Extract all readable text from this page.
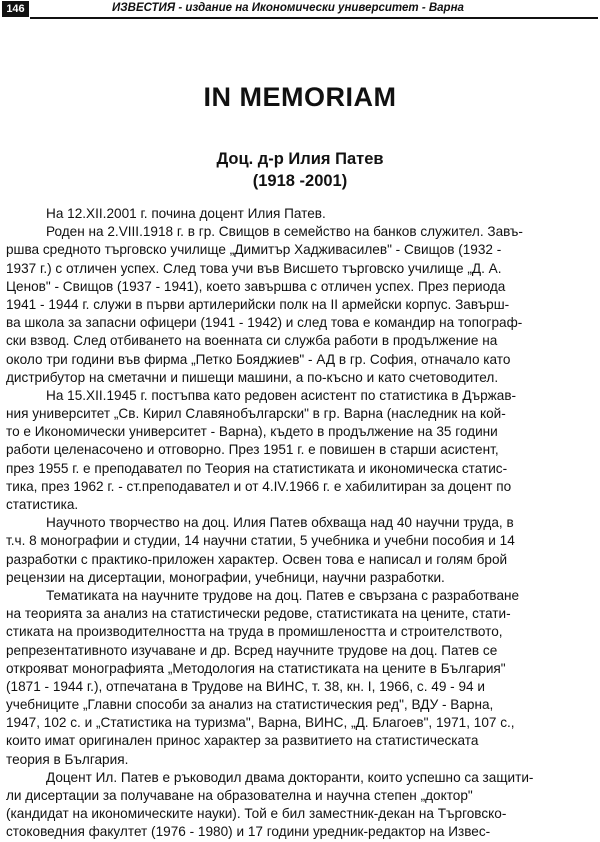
146	ИЗВЕСТИЯ - издание на Икономически университет - Варна
IN MEMORIAM
Доц. д-р Илия Патев
(1918 -2001)
На 12.XII.2001 г. почина доцент Илия Патев.
Роден на 2.VIII.1918 г. в гр. Свищов в семейство на банков служител. Завъ-
ршва средното търговско училище „Димитър Хадживасилев" - Свищов (1932 -
1937 г.) с отличен успех. След това учи във Висшето търговско училище „Д. А.
Ценов" - Свищов (1937 - 1941), което завършва с отличен успех. През периода
1941 - 1944 г. служи в първи артилерийски полк на II армейски корпус. Завърш-
ва школа за запасни офицери (1941 - 1942) и след това е командир на топограф-
ски взвод. След отбиването на военната си служба работи в продължение на
около три години във фирма „Петко Бояджиев" - АД в гр. София, отначало като
дистрибутор на сметачни и пишещи машини, а по-късно и като счетоводител.
На 15.XII.1945 г. постъпва като редовен асистент по статистика в Държав-
ния университет „Св. Кирил Славянобългарски" в гр. Варна (наследник на кой-
то е Икономически университет - Варна), където в продължение на 35 години
работи целенасочено и отговорно. През 1951 г. е повишен в старши асистент,
през 1955 г. е преподавател по Теория на статистиката и икономическа статис-
тика, през 1962 г. - ст.преподавател и от 4.IV.1966 г. е хабилитиран за доцент по
статистика.
Научното творчество на доц. Илия Патев обхваща над 40 научни труда, в
т.ч. 8 монографии и студии, 14 научни статии, 5 учебника и учебни пособия и 14
разработки с практико-приложен характер. Освен това е написал и голям брой
рецензии на дисертации, монографии, учебници, научни разработки.
Тематиката на научните трудове на доц. Патев е свързана с разработване
на теорията за анализ на статистически редове, статистиката на цените, стати-
стиката на производителността на труда в промишлеността и строителството,
репрезентативното изучаване и др. Всред научните трудове на доц. Патев се
открояват монографията „Методология на статистиката на цените в България"
(1871 - 1944 г.), отпечатана в Трудове на ВИНС, т. 38, кн. I, 1966, с. 49 - 94 и
учебниците „Главни способи за анализ на статистическия ред", ВДУ - Варна,
1947, 102 с. и „Статистика на туризма", Варна, ВИНС, „Д. Благоев", 1971, 107 с.,
които имат оригинален принос характер за развитието на статистическата
теория в България.
Доцент Ил. Патев е ръководил двама докторанти, които успешно са защити-
ли дисертации за получаване на образователна и научна степен „доктор"
(кандидат на икономическите науки). Той е бил заместник-декан на Търговско-
стоковедния факултет (1976 - 1980) и 17 години уредник-редактор на Извес-
